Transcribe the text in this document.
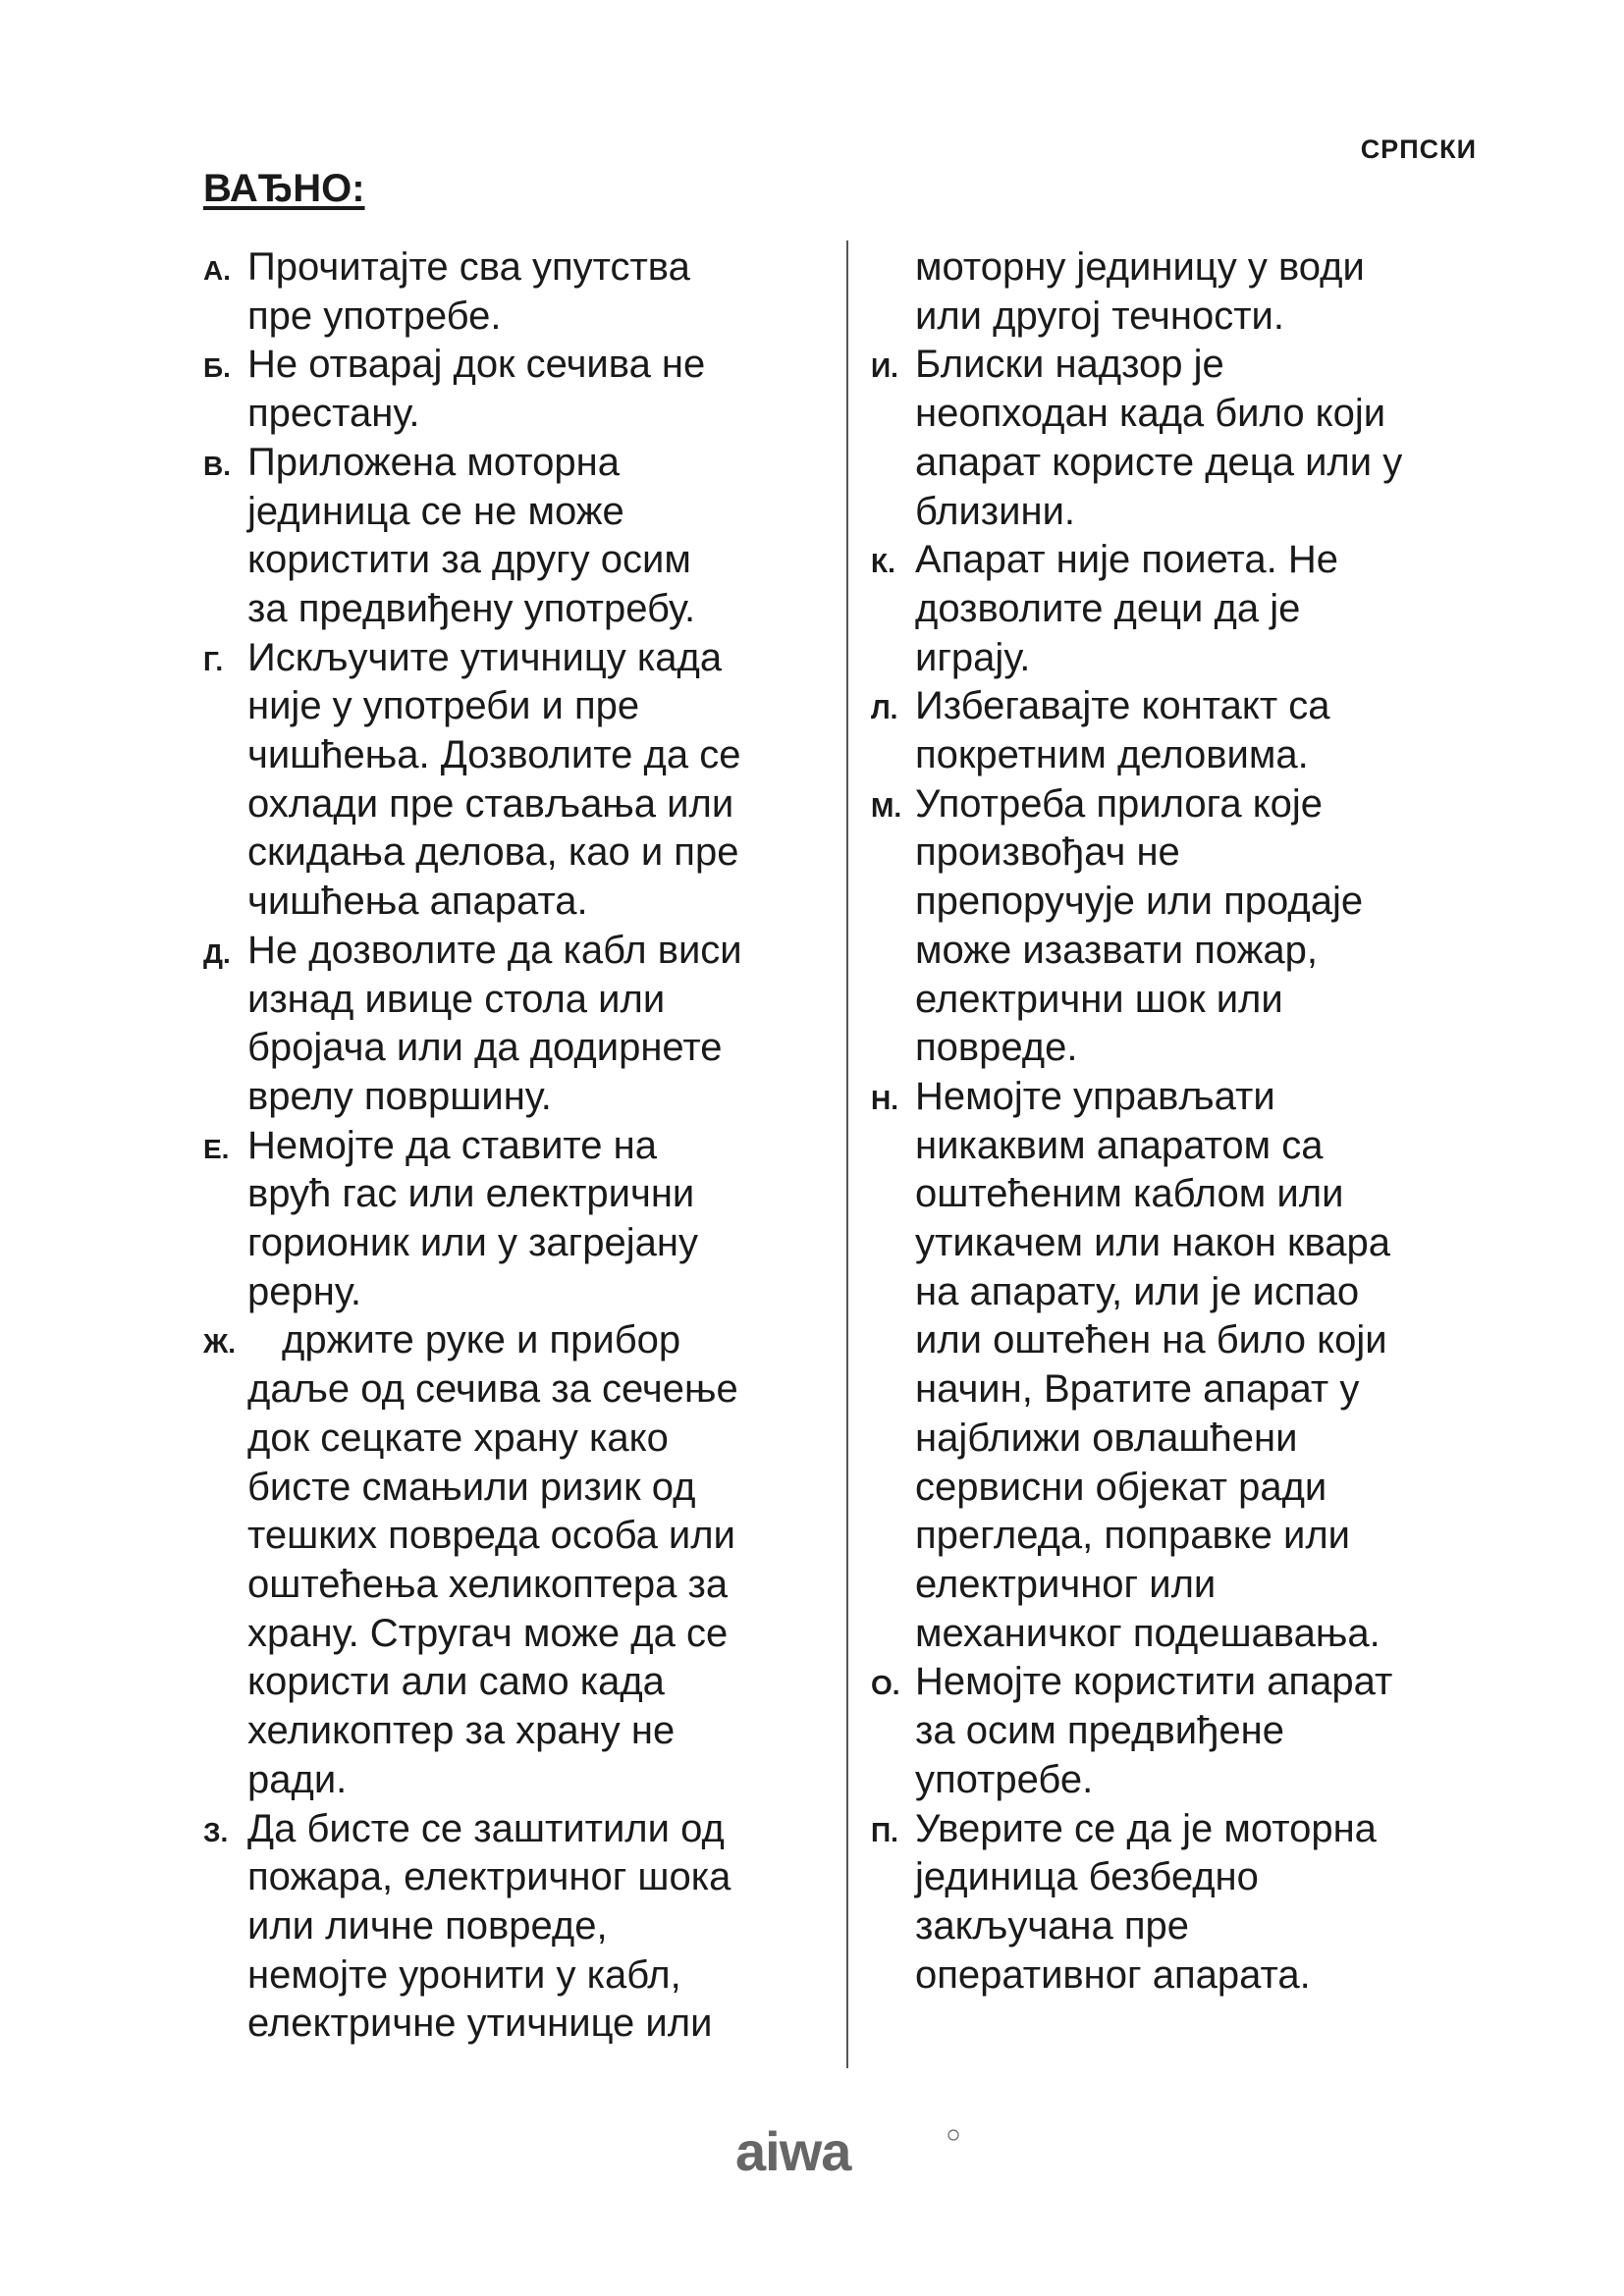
СРПСКИ
ВАЂНО:
А. Прочитајте сва упутства
пре употребе.
Б. Не отварај док сечива не
престану.
В. Приложена моторна
јединица се не може
користити за другу осим
за предвиђену употребу.
Г. Искључите утичницу када
није у употреби и пре
чишћења. Дозволите да се
охлади пре стављања или
скидања делова, као и пре
чишћења апарата.
Д. Не дозволите да кабл виси
изнад ивице стола или
бројача или да додирнете
врелу површину.
Е. Немојте да ставите на
врућ гас или електрични
горионик или у загрејану
рерну.
Ж.	држите руке и прибор
даље од сечива за сечење
док сецкате храну како
бисте смањили ризик од
тешких повреда особа или
оштећења хеликоптера за
храну. Стругач може да се
користи али само када
хеликоптер за храну не
ради.
З. Да бисте се заштитили од
пожара, електричног шока
или личне повреде,
немојте уронити у кабл,
електричне утичнице или
моторну јединицу у води
или другој течности.
И. Блиски надзор је
неопходан када било који
апарат користе деца или у
близини.
К. Апарат није поиета. Не
дозволите деци да је
играју.
Л. Избегавајте контакт са
покретним деловима.
М. Употреба прилога које
произвођач не
препоручује или продаје
може изазвати пожар,
електрични шок или
повреде.
Н. Немојте управљати
никаквим апаратом са
оштећеним каблом или
утикачем или након квара
на апарату, или је испао
или оштећен на било који
начин, Вратите апарат у
најближи овлашћени
сервисни објекат ради
прегледа, поправке или
електричног или
механичког подешавања.
О. Немојте користити апарат
за осим предвиђене
употребе.
П. Уверите се да је моторна
јединица безбедно
закључана пре
оперативног апарата.
aiwa
